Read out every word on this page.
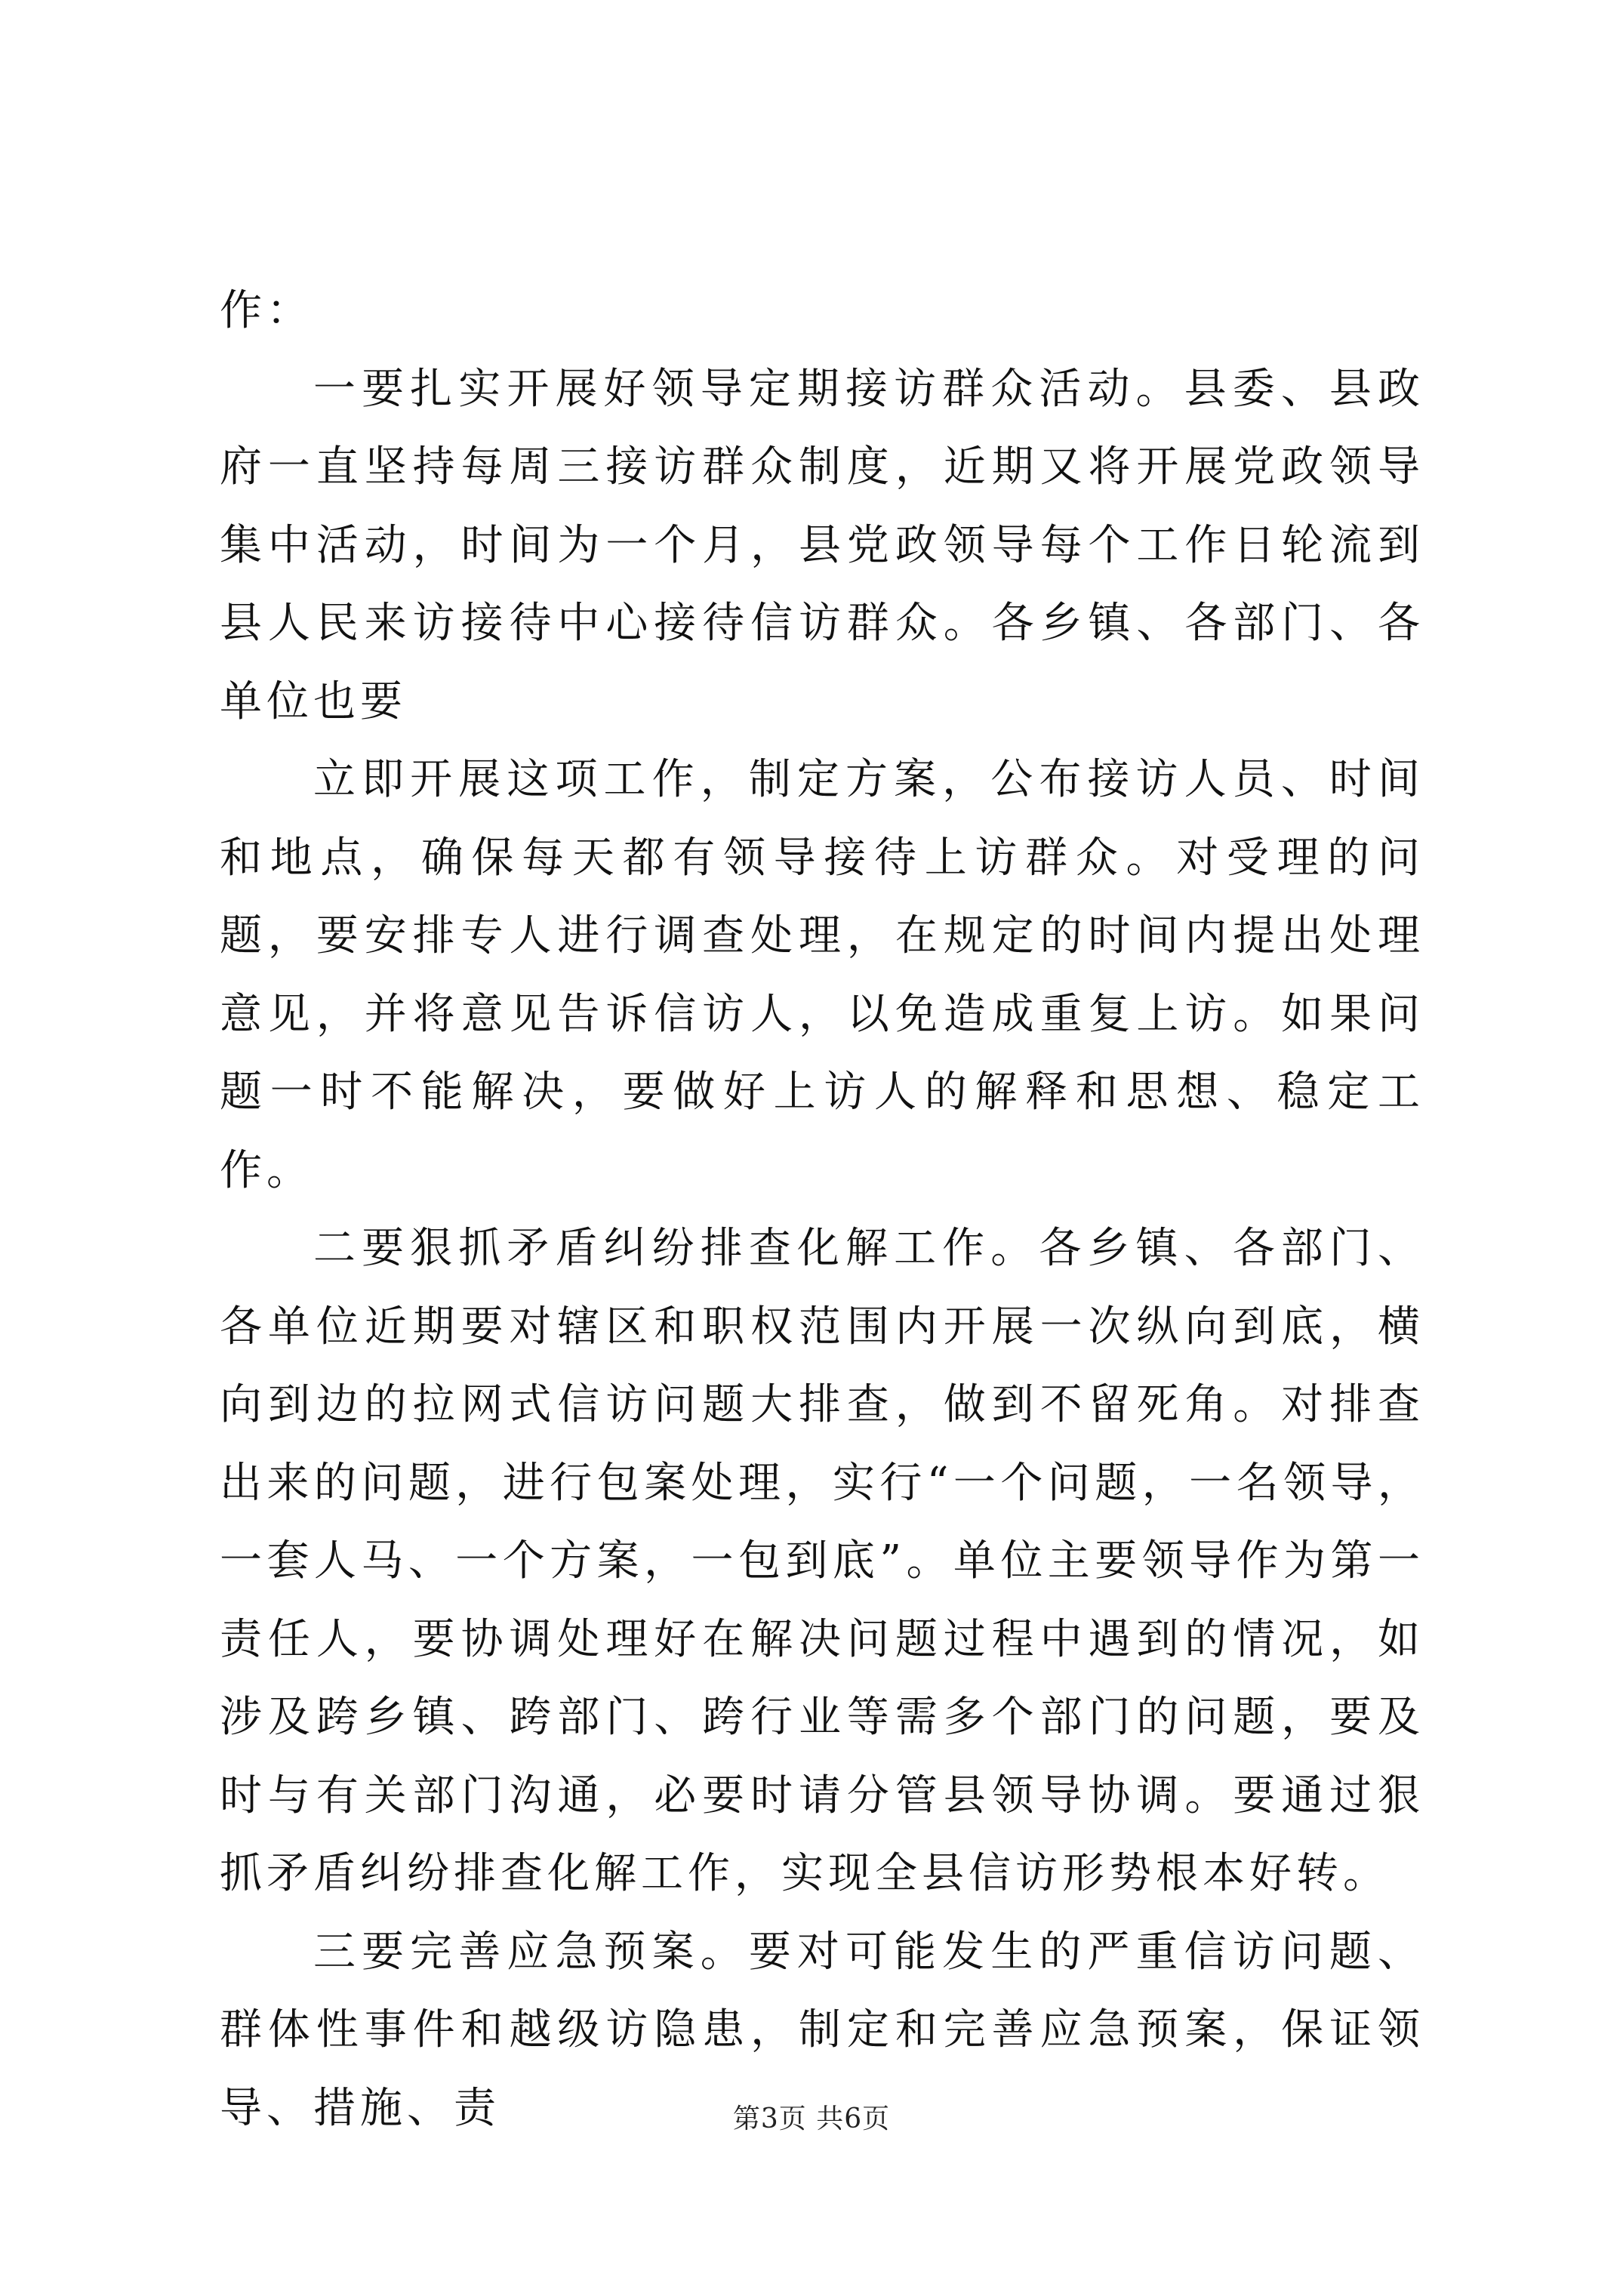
作：

一要扎实开展好领导定期接访群众活动。县委、县政府一直坚持每周三接访群众制度，近期又将开展党政领导集中活动，时间为一个月，县党政领导每个工作日轮流到县人民来访接待中心接待信访群众。各乡镇、各部门、各单位也要

立即开展这项工作，制定方案，公布接访人员、时间和地点，确保每天都有领导接待上访群众。对受理的问题，要安排专人进行调查处理，在规定的时间内提出处理意见，并将意见告诉信访人，以免造成重复上访。如果问题一时不能解决，要做好上访人的解释和思想、稳定工作。

二要狠抓矛盾纠纷排查化解工作。各乡镇、各部门、各单位近期要对辖区和职权范围内开展一次纵向到底，横向到边的拉网式信访问题大排查，做到不留死角。对排查出来的问题，进行包案处理，实行“一个问题，一名领导，一套人马、一个方案，一包到底”。单位主要领导作为第一责任人，要协调处理好在解决问题过程中遇到的情况，如涉及跨乡镇、跨部门、跨行业等需多个部门的问题，要及时与有关部门沟通，必要时请分管县领导协调。要通过狠抓矛盾纠纷排查化解工作，实现全县信访形势根本好转。

三要完善应急预案。要对可能发生的严重信访问题、群体性事件和越级访隐患，制定和完善应急预案，保证领导、措施、责	第3页 共6页
